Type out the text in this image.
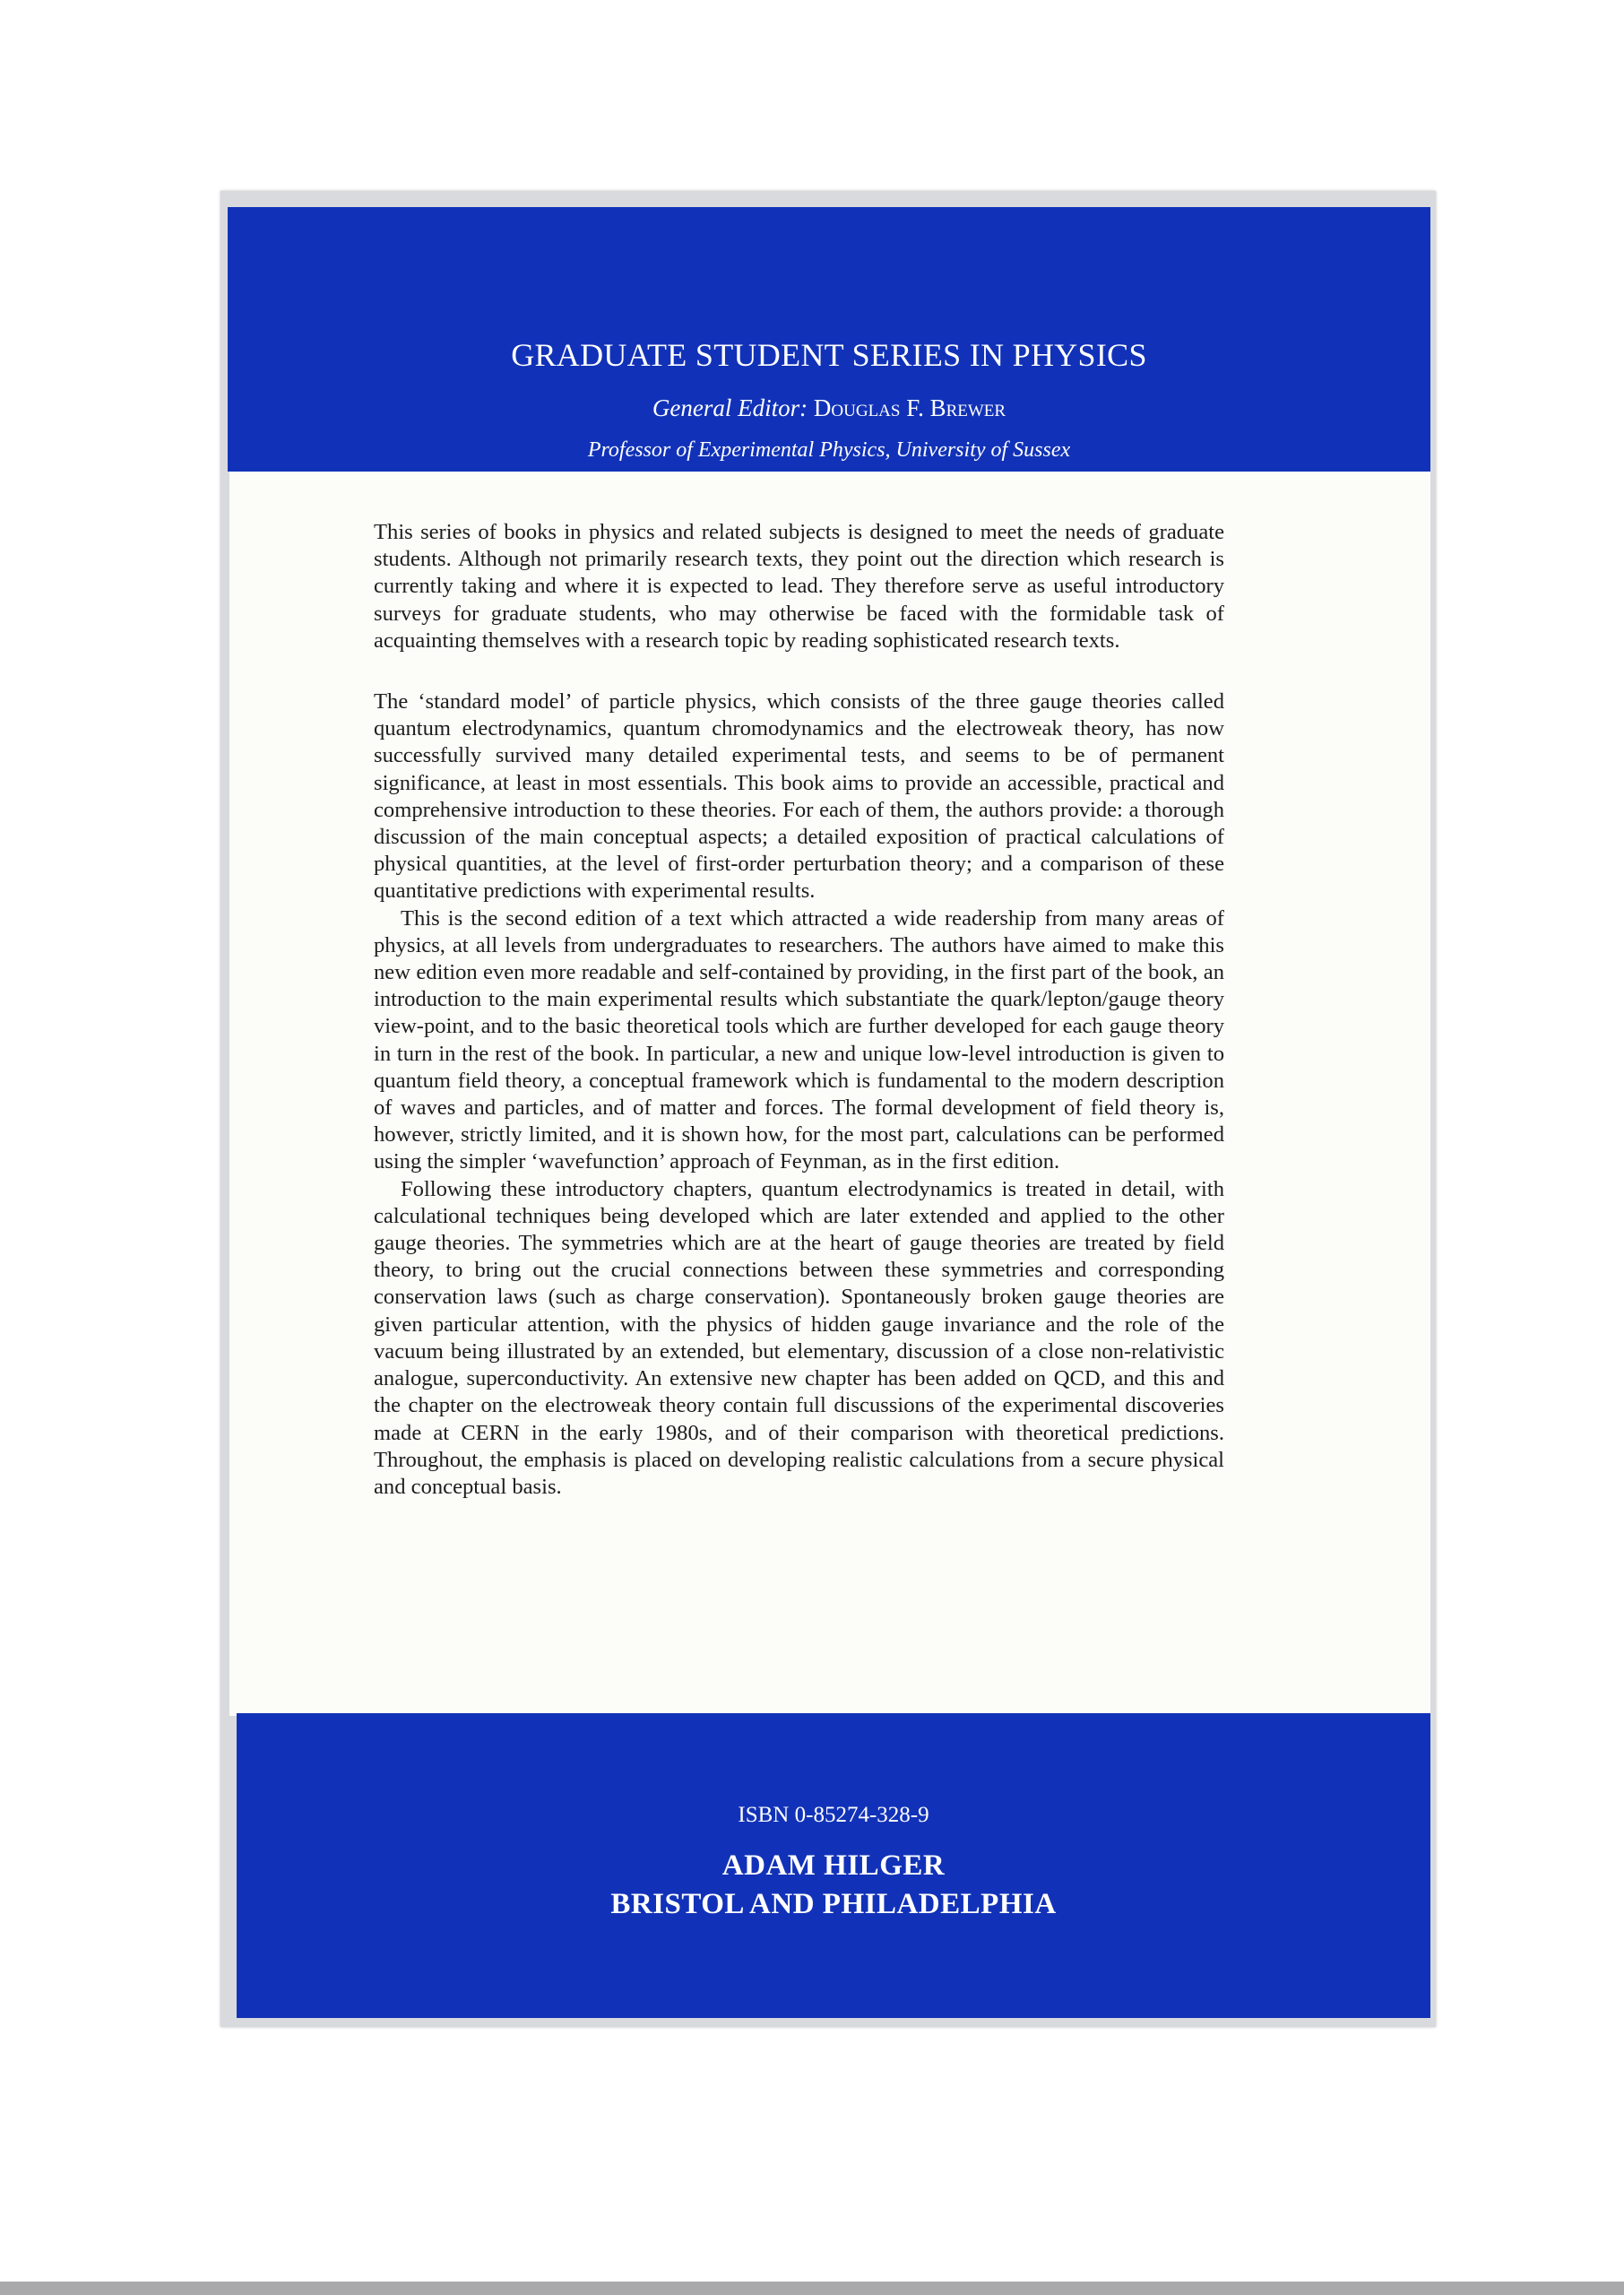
GRADUATE STUDENT SERIES IN PHYSICS
General Editor: Douglas F. Brewer
Professor of Experimental Physics, University of Sussex

This series of books in physics and related subjects is designed to meet the needs of graduate students. Although not primarily research texts, they point out the direction which research is currently taking and where it is expected to lead. They therefore serve as useful introductory surveys for graduate students, who may otherwise be faced with the formidable task of acquainting themselves with a research topic by reading sophisticated research texts.

The ‘standard model’ of particle physics, which consists of the three gauge theories called quantum electrodynamics, quantum chromodynamics and the electroweak theory, has now successfully survived many detailed experimental tests, and seems to be of permanent significance, at least in most essentials. This book aims to provide an accessible, practical and comprehensive introduction to these theories. For each of them, the authors provide: a thorough discussion of the main conceptual aspects; a detailed exposition of practical calculations of physical quantities, at the level of first-order perturbation theory; and a comparison of these quantitative predictions with experimental results.

This is the second edition of a text which attracted a wide readership from many areas of physics, at all levels from undergraduates to researchers. The authors have aimed to make this new edition even more readable and self-contained by providing, in the first part of the book, an introduction to the main experimental results which substantiate the quark/lepton/gauge theory view-point, and to the basic theoretical tools which are further developed for each gauge theory in turn in the rest of the book. In particular, a new and unique low-level introduction is given to quantum field theory, a conceptual framework which is fundamental to the modern description of waves and particles, and of matter and forces. The formal development of field theory is, however, strictly limited, and it is shown how, for the most part, calculations can be performed using the simpler ‘wavefunction’ approach of Feynman, as in the first edition.

Following these introductory chapters, quantum electrodynamics is treated in detail, with calculational techniques being developed which are later extended and applied to the other gauge theories. The symmetries which are at the heart of gauge theories are treated by field theory, to bring out the crucial connections between these symmetries and corresponding conservation laws (such as charge conservation). Spontaneously broken gauge theories are given particular attention, with the physics of hidden gauge invariance and the role of the vacuum being illustrated by an extended, but elementary, discussion of a close non-relativistic analogue, superconductivity. An extensive new chapter has been added on QCD, and this and the chapter on the electroweak theory contain full discussions of the experimental discoveries made at CERN in the early 1980s, and of their comparison with theoretical predictions. Throughout, the emphasis is placed on developing realistic calculations from a secure physical and conceptual basis.

ISBN 0-85274-328-9
ADAM HILGER
BRISTOL AND PHILADELPHIA
